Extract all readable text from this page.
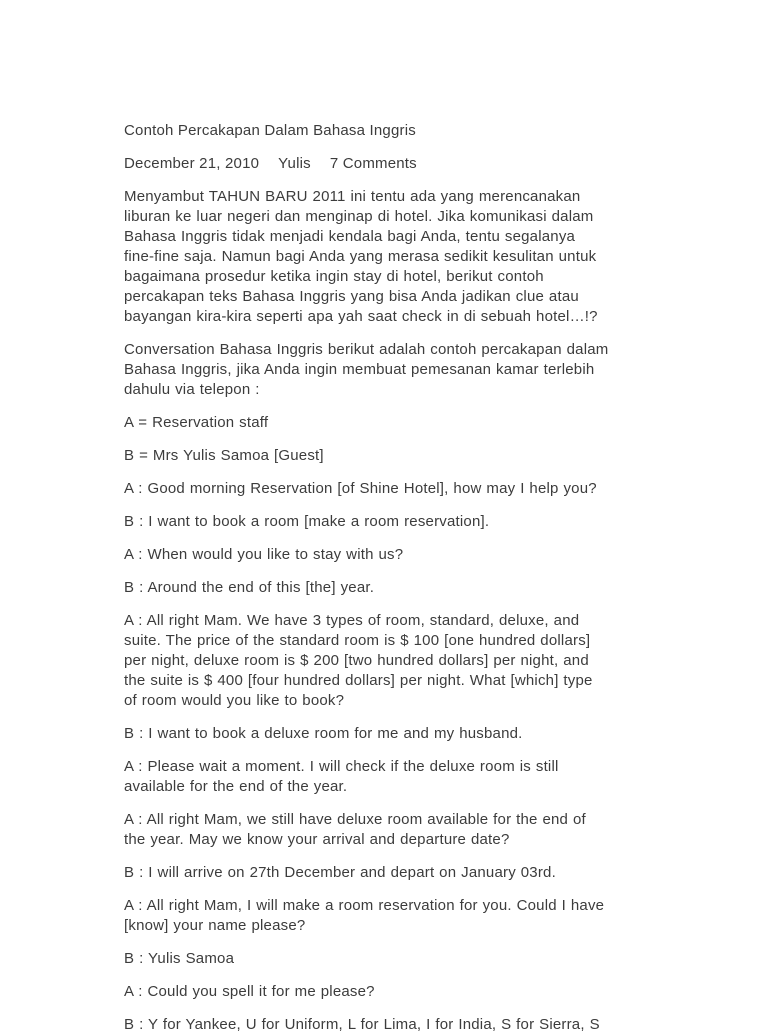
Contoh Percakapan Dalam Bahasa Inggris
December 21, 2010 Yulis 7 Comments

Menyambut TAHUN BARU 2011 ini tentu ada yang merencanakan
liburan ke luar negeri dan menginap di hotel. Jika komunikasi dalam
Bahasa Inggris tidak menjadi kendala bagi Anda, tentu segalanya
fine-fine saja. Namun bagi Anda yang merasa sedikit kesulitan untuk
bagaimana prosedur ketika ingin stay di hotel, berikut contoh
percakapan teks Bahasa Inggris yang bisa Anda jadikan clue atau
bayangan kira-kira seperti apa yah saat check in di sebuah hotel…!?

Conversation Bahasa Inggris berikut adalah contoh percakapan dalam
Bahasa Inggris, jika Anda ingin membuat pemesanan kamar terlebih
dahulu via telepon :

A = Reservation staff

B = Mrs Yulis Samoa [Guest]

A : Good morning Reservation [of Shine Hotel], how may I help you?

B : I want to book a room [make a room reservation].

A : When would you like to stay with us?

B : Around the end of this [the] year.

A : All right Mam. We have 3 types of room, standard, deluxe, and
suite. The price of the standard room is $ 100 [one hundred dollars]
per night, deluxe room is $ 200 [two hundred dollars] per night, and
the suite is $ 400 [four hundred dollars] per night. What [which] type
of room would you like to book?

B : I want to book a deluxe room for me and my husband.

A : Please wait a moment. I will check if the deluxe room is still
available for the end of the year.

A : All right Mam, we still have deluxe room available for the end of
the year. May we know your arrival and departure date?

B : I will arrive on 27th December and depart on January 03rd.

A : All right Mam, I will make a room reservation for you. Could I have
[know] your name please?

B : Yulis Samoa

A : Could you spell it for me please?

B : Y for Yankee, U for Uniform, L for Lima, I for India, S for Sierra, S
